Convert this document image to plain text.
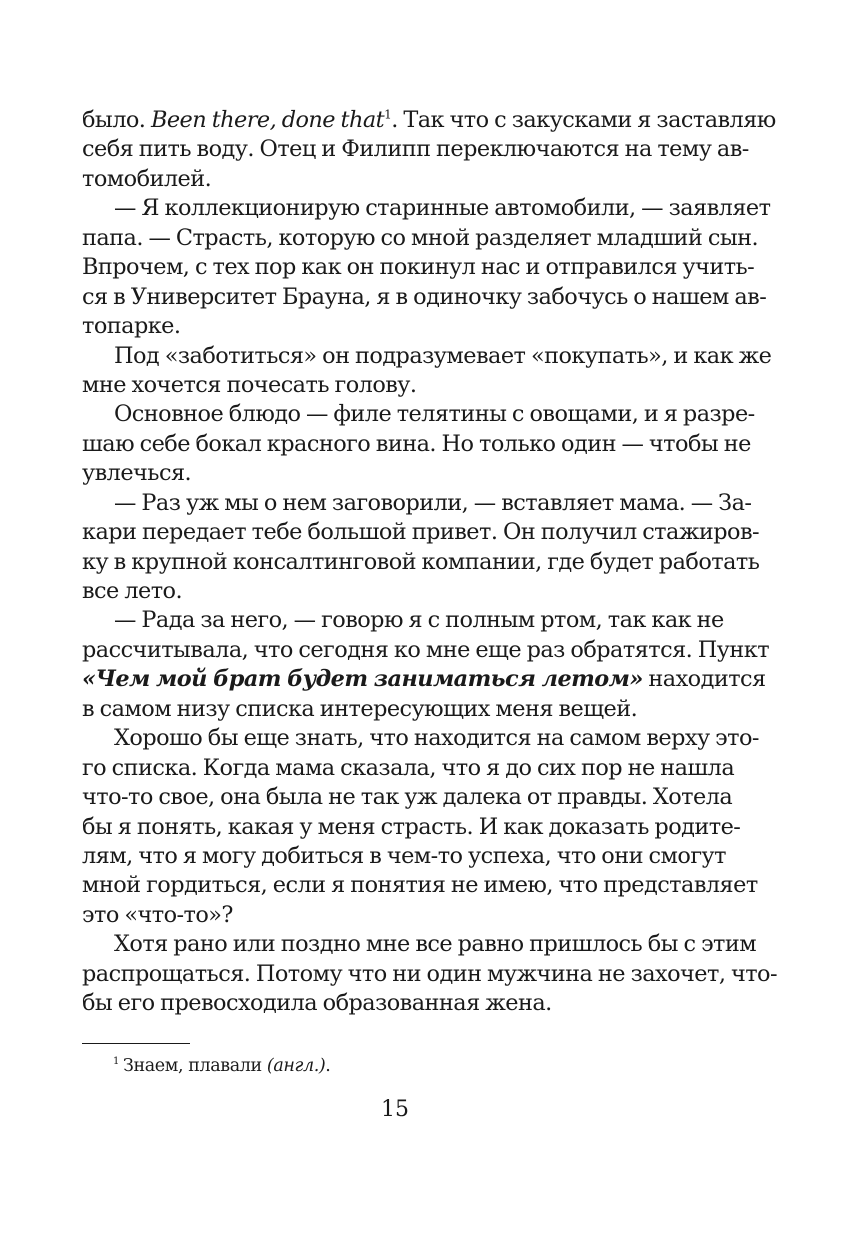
было. Been there, done that$^1$. Так что с закусками я заставляю
себя пить воду. Отец и Филипп переключаются на тему ав-
томобилей.
— Я коллекционирую старинные автомобили, — заявляет
папа. — Страсть, которую со мной разделяет младший сын.
Впрочем, с тех пор как он покинул нас и отправился учить-
ся в Университет Брауна, я в одиночку забочусь о нашем ав-
топарке.
Под «заботиться» он подразумевает «покупать», и как же
мне хочется почесать голову.
Основное блюдо — филе телятины с овощами, и я разре-
шаю себе бокал красного вина. Но только один — чтобы не
увлечься.
— Раз уж мы о нем заговорили, — вставляет мама. — За-
кари передает тебе большой привет. Он получил стажиров-
ку в крупной консалтинговой компании, где будет работать
все лето.
— Рада за него, — говорю я с полным ртом, так как не
рассчитывала, что сегодня ко мне еще раз обратятся. Пункт
«Чем мой брат будет заниматься летом» находится
в самом низу списка интересующих меня вещей.
Хорошо бы еще знать, что находится на самом верху это-
го списка. Когда мама сказала, что я до сих пор не нашла
что-то свое, она была не так уж далека от правды. Хотела
бы я понять, какая у меня страсть. И как доказать родите-
лям, что я могу добиться в чем-то успеха, что они смогут
мной гордиться, если я понятия не имею, что представляет
это «что-то»?
Хотя рано или поздно мне все равно пришлось бы с этим
распрощаться. Потому что ни один мужчина не захочет, что-
бы его превосходила образованная жена.
$^1$ Знаем, плавали (англ.).
15
